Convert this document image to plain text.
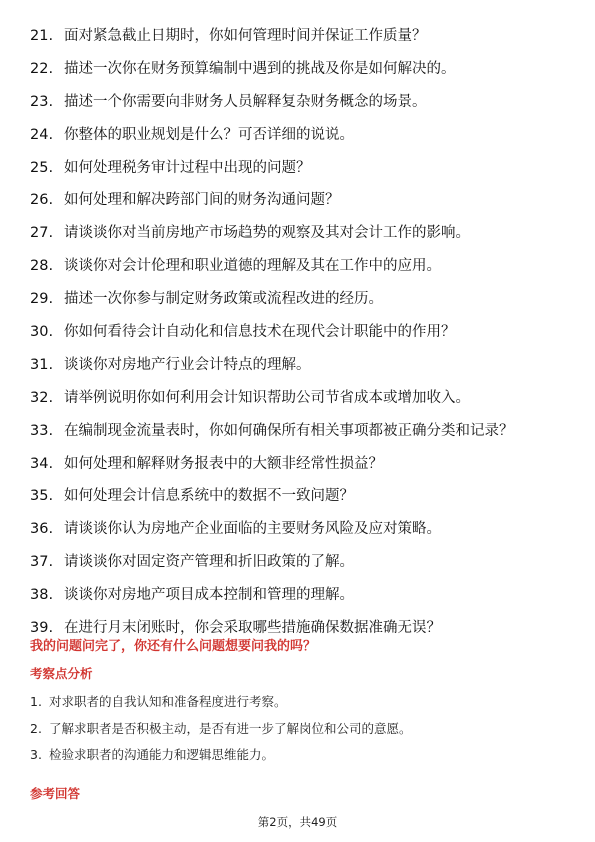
21. 面对紧急截止日期时，你如何管理时间并保证工作质量？
22. 描述一次你在财务预算编制中遇到的挑战及你是如何解决的。
23. 描述一个你需要向非财务人员解释复杂财务概念的场景。
24. 你整体的职业规划是什么？可否详细的说说。
25. 如何处理税务审计过程中出现的问题？
26. 如何处理和解决跨部门间的财务沟通问题？
27. 请谈谈你对当前房地产市场趋势的观察及其对会计工作的影响。
28. 谈谈你对会计伦理和职业道德的理解及其在工作中的应用。
29. 描述一次你参与制定财务政策或流程改进的经历。
30. 你如何看待会计自动化和信息技术在现代会计职能中的作用？
31. 谈谈你对房地产行业会计特点的理解。
32. 请举例说明你如何利用会计知识帮助公司节省成本或增加收入。
33. 在编制现金流量表时，你如何确保所有相关事项都被正确分类和记录？
34. 如何处理和解释财务报表中的大额非经常性损益？
35. 如何处理会计信息系统中的数据不一致问题？
36. 请谈谈你认为房地产企业面临的主要财务风险及应对策略。
37. 请谈谈你对固定资产管理和折旧政策的了解。
38. 谈谈你对房地产项目成本控制和管理的理解。
39. 在进行月末闭账时，你会采取哪些措施确保数据准确无误？
我的问题问完了，你还有什么问题想要问我的吗？
考察点分析
1. 对求职者的自我认知和准备程度进行考察。
2. 了解求职者是否积极主动，是否有进一步了解岗位和公司的意愿。
3. 检验求职者的沟通能力和逻辑思维能力。
参考回答
第2页，共49页
